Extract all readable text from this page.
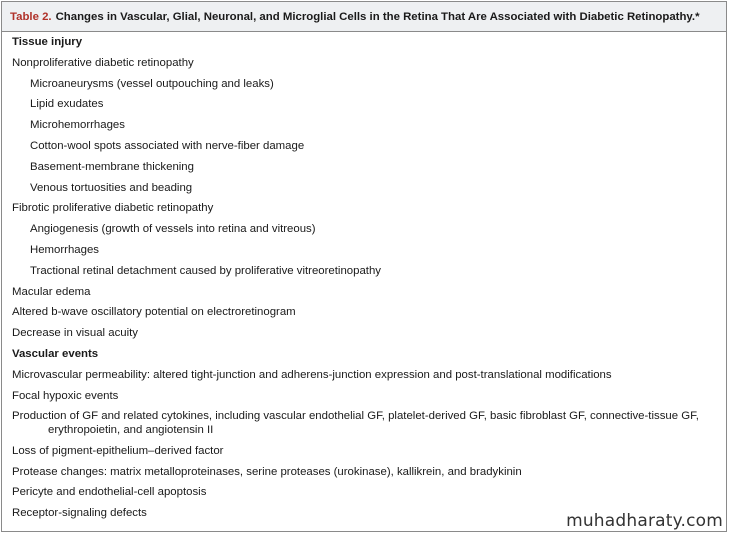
Table 2. Changes in Vascular, Glial, Neuronal, and Microglial Cells in the Retina That Are Associated with Diabetic Retinopathy.*
Tissue injury
Nonproliferative diabetic retinopathy
Microaneurysms (vessel outpouching and leaks)
Lipid exudates
Microhemorrhages
Cotton-wool spots associated with nerve-fiber damage
Basement-membrane thickening
Venous tortuosities and beading
Fibrotic proliferative diabetic retinopathy
Angiogenesis (growth of vessels into retina and vitreous)
Hemorrhages
Tractional retinal detachment caused by proliferative vitreoretinopathy
Macular edema
Altered b-wave oscillatory potential on electroretinogram
Decrease in visual acuity
Vascular events
Microvascular permeability: altered tight-junction and adherens-junction expression and post-translational modifications
Focal hypoxic events
Production of GF and related cytokines, including vascular endothelial GF, platelet-derived GF, basic fibroblast GF, connective-tissue GF, erythropoietin, and angiotensin II
Loss of pigment-epithelium–derived factor
Protease changes: matrix metalloproteinases, serine proteases (urokinase), kallikrein, and bradykinin
Pericyte and endothelial-cell apoptosis
Receptor-signaling defects	muhadharaty.com
